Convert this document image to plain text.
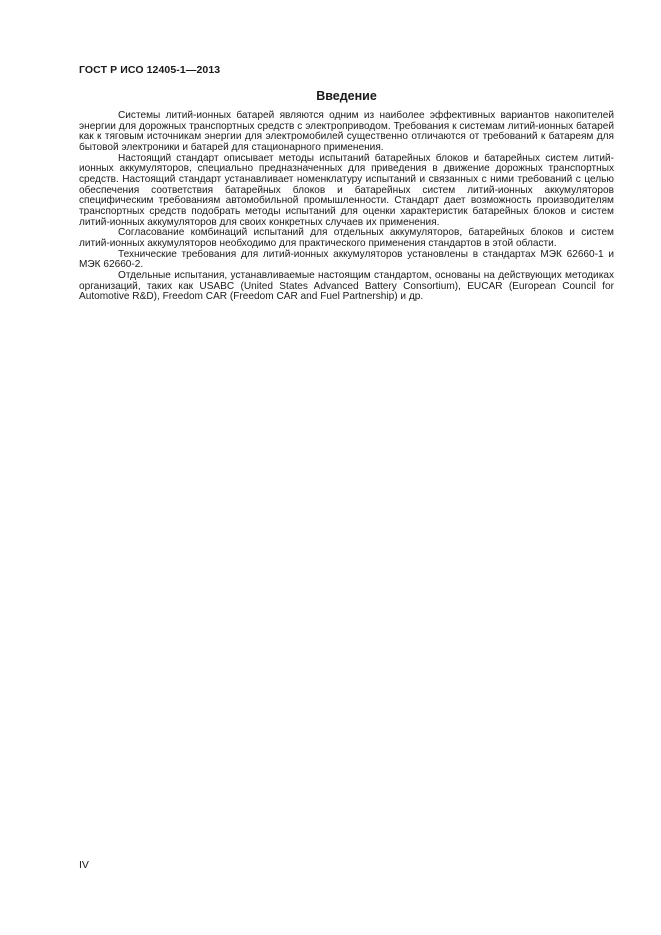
ГОСТ Р ИСО 12405-1—2013
Введение

Системы литий-ионных батарей являются одним из наиболее эффективных вариантов накопителей энергии для дорожных транспортных средств с электроприводом. Требования к системам литий-ионных батарей как к тяговым источникам энергии для электромобилей существенно отличаются от требований к батареям для бытовой электроники и батарей для стационарного применения.

Настоящий стандарт описывает методы испытаний батарейных блоков и батарейных систем литий-ионных аккумуляторов, специально предназначенных для приведения в движение дорожных транспортных средств. Настоящий стандарт устанавливает номенклатуру испытаний и связанных с ними требований с целью обеспечения соответствия батарейных блоков и батарейных систем литий-ионных аккумуляторов специфическим требованиям автомобильной промышленности. Стандарт дает возможность производителям транспортных средств подобрать методы испытаний для оценки характеристик батарейных блоков и систем литий-ионных аккумуляторов для своих конкретных случаев их применения.

Согласование комбинаций испытаний для отдельных аккумуляторов, батарейных блоков и систем литий-ионных аккумуляторов необходимо для практического применения стандартов в этой области.

Технические требования для литий-ионных аккумуляторов установлены в стандартах МЭК 62660-1 и МЭК 62660-2.

Отдельные испытания, устанавливаемые настоящим стандартом, основаны на действующих методиках организаций, таких как USABC (United States Advanced Battery Consortium), EUCAR (European Council for Automotive R&D), Freedom CAR (Freedom CAR and Fuel Partnership) и др.

IV
